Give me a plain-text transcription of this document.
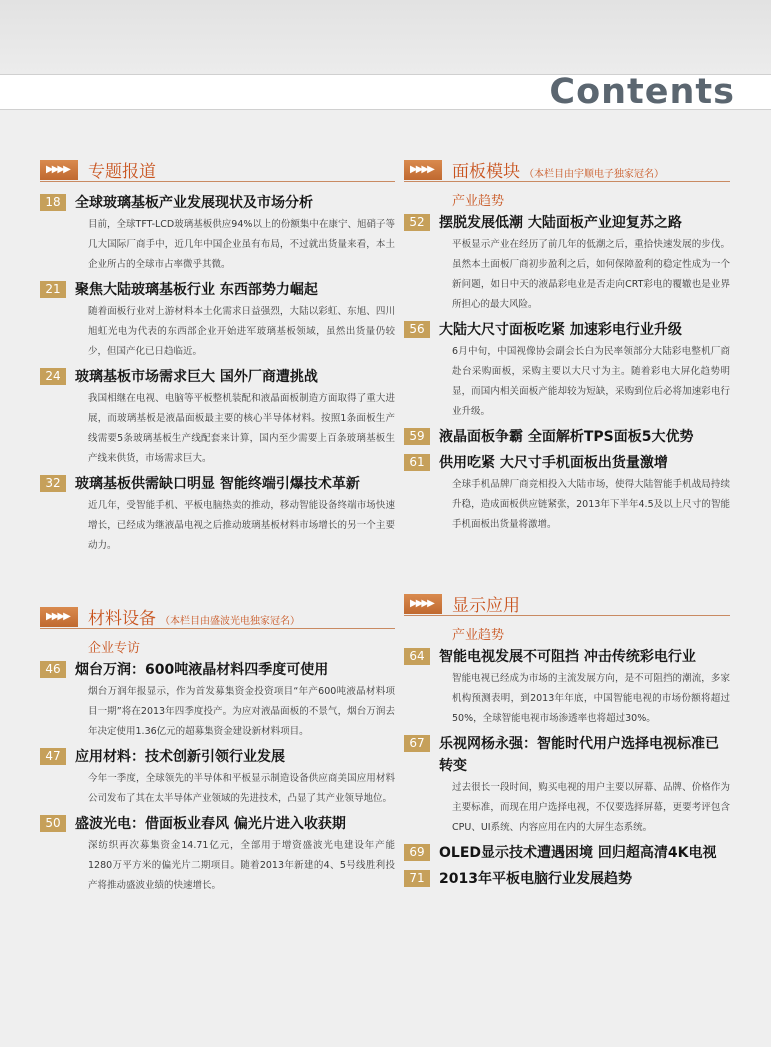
Contents
▶▶▶▶	专题报道
18	全球玻璃基板产业发展现状及市场分析
目前，全球TFT-LCD玻璃基板供应94%以上的份额集中在康宁、旭硝子等几大国际厂商手中，近几年中国企业虽有布局，不过就出货量来看，本土企业所占的全球市占率微乎其微。
21	聚焦大陆玻璃基板行业 东西部势力崛起
随着面板行业对上游材料本土化需求日益强烈，大陆以彩虹、东旭、四川旭虹光电为代表的东西部企业开始进军玻璃基板领域，虽然出货量仍较少，但国产化已日趋临近。
24	玻璃基板市场需求巨大 国外厂商遭挑战
我国相继在电视、电脑等平板整机装配和液晶面板制造方面取得了重大进展，而玻璃基板是液晶面板最主要的核心半导体材料。按照1条面板生产线需要5条玻璃基板生产线配套来计算，国内至少需要上百条玻璃基板生产线来供货，市场需求巨大。
32	玻璃基板供需缺口明显 智能终端引爆技术革新
近几年，受智能手机、平板电脑热卖的推动，移动智能设备终端市场快速增长，已经成为继液晶电视之后推动玻璃基板材料市场增长的另一个主要动力。
▶▶▶▶	材料设备 （本栏目由盛波光电独家冠名）
企业专访
46	烟台万润：600吨液晶材料四季度可使用
烟台万润年报显示，作为首发募集资金投资项目“年产600吨液晶材料项目一期”将在2013年四季度投产。为应对液晶面板的不景气，烟台万润去年决定使用1.36亿元的超募集资金建设新材料项目。
47	应用材料：技术创新引领行业发展
今年一季度，全球领先的半导体和平板显示制造设备供应商美国应用材料公司发布了其在太半导体产业领域的先进技术，凸显了其产业领导地位。
50	盛波光电：借面板业春风 偏光片进入收获期
深纺织再次募集资金14.71亿元，全部用于增资盛波光电建设年产能1280万平方米的偏光片二期项目。随着2013年新建的4、5号线胜利投产将推动盛波业绩的快速增长。
▶▶▶▶	面板模块 （本栏目由宇顺电子独家冠名）
产业趋势
52	摆脱发展低潮 大陆面板产业迎复苏之路
平板显示产业在经历了前几年的低潮之后，重拾快速发展的步伐。虽然本土面板厂商初步盈利之后，如何保障盈利的稳定性成为一个新问题，如日中天的液晶彩电业是否走向CRT彩电的覆辙也是业界所担心的最大风险。
56	大陆大尺寸面板吃紧 加速彩电行业升级
6月中旬，中国视像协会副会长白为民率领部分大陆彩电整机厂商赴台采购面板，采购主要以大尺寸为主。随着彩电大屏化趋势明显，而国内相关面板产能却较为短缺，采购到位后必将加速彩电行业升级。
59	液晶面板争霸 全面解析TPS面板5大优势
61	供用吃紧 大尺寸手机面板出货量激增
全球手机品牌厂商竞相投入大陆市场，使得大陆智能手机战局持续升稳，造成面板供应链紧张，2013年下半年4.5及以上尺寸的智能手机面板出货量将激增。
▶▶▶▶	显示应用
产业趋势
64	智能电视发展不可阻挡 冲击传统彩电行业
智能电视已经成为市场的主流发展方向，是不可阻挡的潮流，多家机构预测表明，到2013年年底，中国智能电视的市场份额将超过50%，全球智能电视市场渗透率也将超过30%。
67	乐视网杨永强：智能时代用户选择电视标准已转变
过去很长一段时间，购买电视的用户主要以屏幕、品牌、价格作为主要标准，而现在用户选择电视，不仅要选择屏幕，更要考评包含CPU、UI系统、内容应用在内的大屏生态系统。
69	OLED显示技术遭遇困境 回归超高清4K电视
71	2013年平板电脑行业发展趋势
